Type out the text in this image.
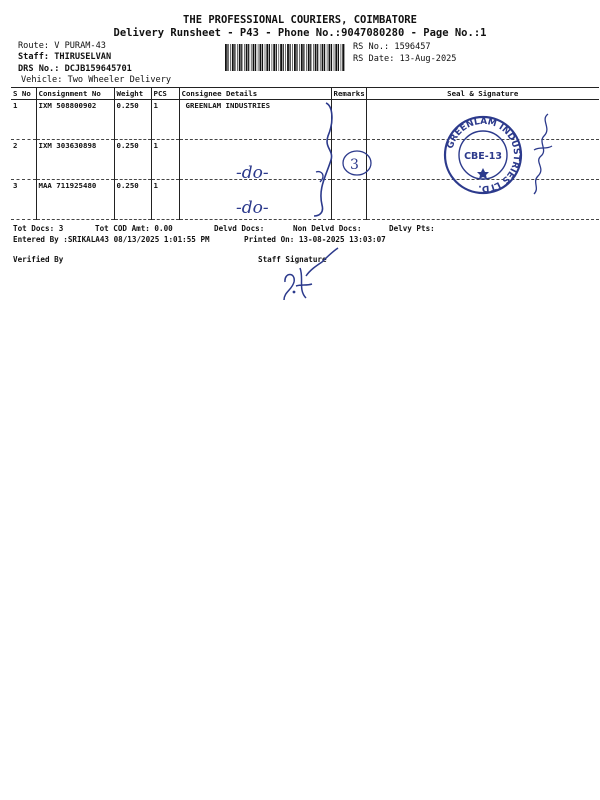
THE PROFESSIONAL COURIERS, COIMBATORE
Delivery Runsheet - P43 - Phone No.:9047080280 - Page No.:1
Route: V PURAM-43
Staff: THIRUSELVAN
DRS No.: DCJB159645701
Vehicle: Two Wheeler Delivery
RS No.: 1596457
RS Date: 13-Aug-2025
S No	Consignment No	Weight	PCS	Consignee Details	Remarks	Seal & Signature
1	IXM 508800902	0.250	1	GREENLAM INDUSTRIES		
2	IXM 303630898	0.250	1			
3	MAA 711925480	0.250	1			
Tot Docs: 3	Tot COD Amt: 0.00	Delvd Docs:	Non Delvd Docs:	Delvy Pts:
Entered By :SRIKALA43 08/13/2025 1:01:55 PM	Printed On: 13-08-2025 13:03:07
Verified By	Staff Signature
3
-do-
-do-
GREENLAM INDUSTRIES LTD.
CBE-13
